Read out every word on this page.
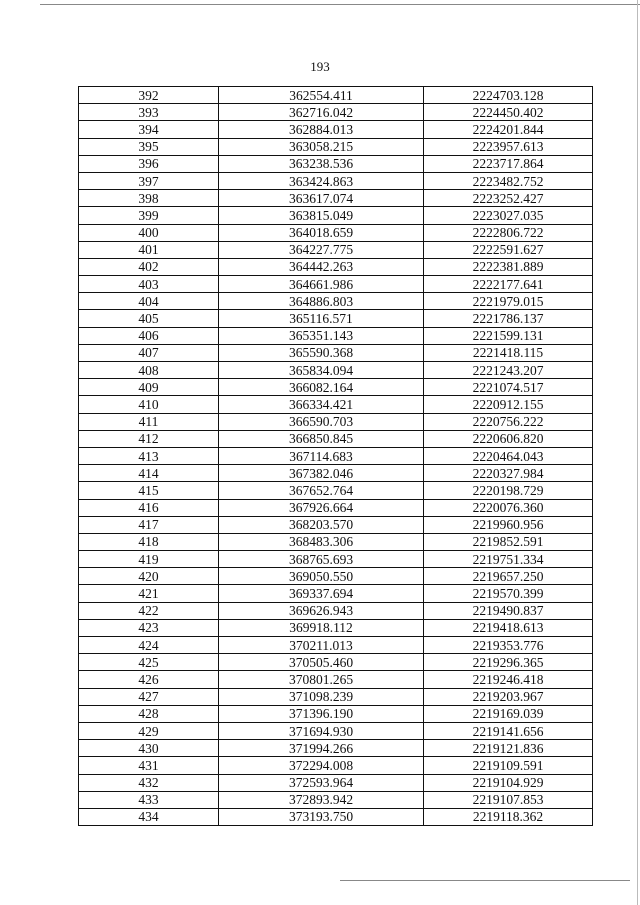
193
392	362554.411	2224703.128
393	362716.042	2224450.402
394	362884.013	2224201.844
395	363058.215	2223957.613
396	363238.536	2223717.864
397	363424.863	2223482.752
398	363617.074	2223252.427
399	363815.049	2223027.035
400	364018.659	2222806.722
401	364227.775	2222591.627
402	364442.263	2222381.889
403	364661.986	2222177.641
404	364886.803	2221979.015
405	365116.571	2221786.137
406	365351.143	2221599.131
407	365590.368	2221418.115
408	365834.094	2221243.207
409	366082.164	2221074.517
410	366334.421	2220912.155
411	366590.703	2220756.222
412	366850.845	2220606.820
413	367114.683	2220464.043
414	367382.046	2220327.984
415	367652.764	2220198.729
416	367926.664	2220076.360
417	368203.570	2219960.956
418	368483.306	2219852.591
419	368765.693	2219751.334
420	369050.550	2219657.250
421	369337.694	2219570.399
422	369626.943	2219490.837
423	369918.112	2219418.613
424	370211.013	2219353.776
425	370505.460	2219296.365
426	370801.265	2219246.418
427	371098.239	2219203.967
428	371396.190	2219169.039
429	371694.930	2219141.656
430	371994.266	2219121.836
431	372294.008	2219109.591
432	372593.964	2219104.929
433	372893.942	2219107.853
434	373193.750	2219118.362
